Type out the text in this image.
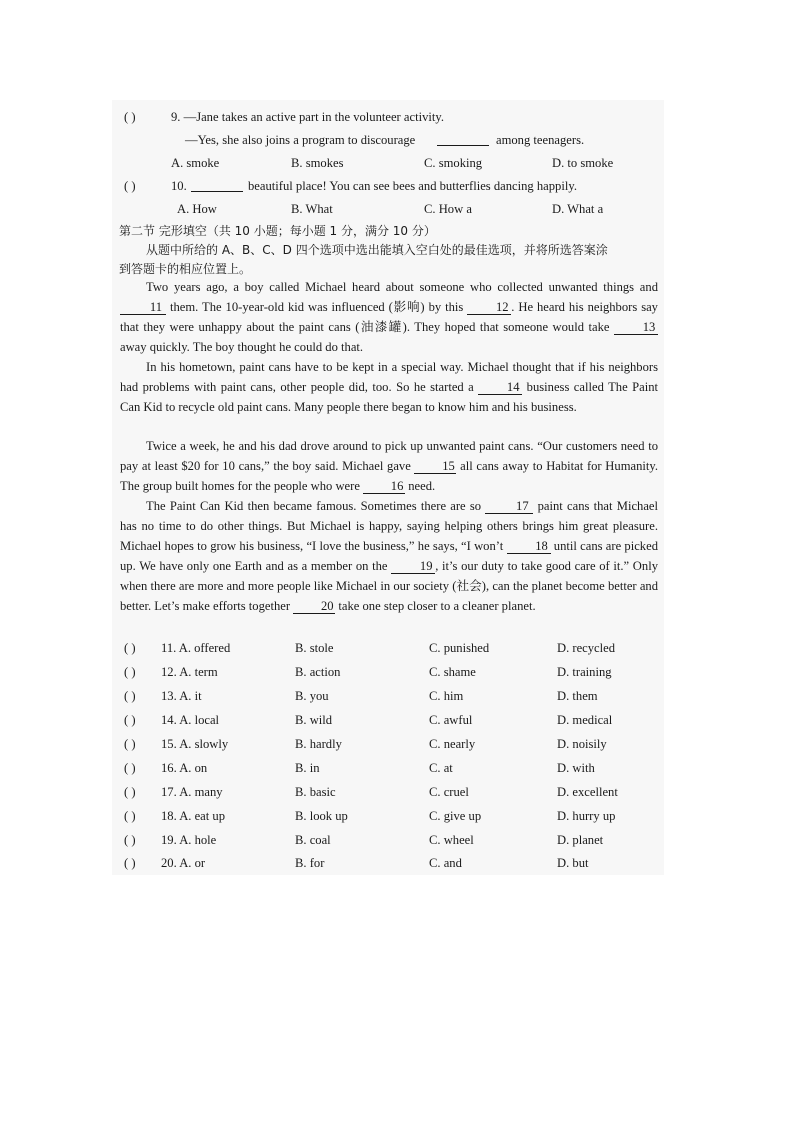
( )	9. —Jane takes an active part in the volunteer activity.
—Yes, she also joins a program to discourage	among teenagers.
A. smoke	B. smokes	C. smoking	D. to smoke
( )	10.	beautiful place! You can see bees and butterflies dancing happily.
A. How	B. What	C. How a	D. What a
第二节 完形填空（共 10 小题；每小题 1 分，满分 10 分）
从题中所给的 A、B、C、D 四个选项中选出能填入空白处的最佳选项，并将所选答案涂
到答题卡的相应位置上。
Two years ago, a boy called Michael heard about someone who collected unwanted things and 11 them. The 10-year-old kid was influenced (影响) by this	12 . He heard his neighbors say that they were unhappy about the paint cans (油漆罐). They hoped that someone would take	13 away quickly. The boy thought he could do that.
In his hometown, paint cans have to be kept in a special way. Michael thought that if his neighbors had problems with paint cans, other people did, too. So he started a	14 business called The Paint Can Kid to recycle old paint cans. Many people there began to know him and his business.
Twice a week, he and his dad drove around to pick up unwanted paint cans. “Our customers need to pay at least $20 for 10 cans,” the boy said. Michael gave 15 all cans away to Habitat for Humanity. The group built homes for the people who were 16 need.
The Paint Can Kid then became famous. Sometimes there are so	17 paint cans that Michael has no time to do other things. But Michael is happy, saying helping others brings him great pleasure. Michael hopes to grow his business, “I love the business,” he says, “I won’t	18 until cans are picked up. We have only one Earth and as a member on the	19 , it’s our duty to take good care of it.” Only when there are more and more people like Michael in our society (社会), can the planet become better and better. Let’s make efforts together 20 take one step closer to a cleaner planet.
( ) 11. A. offered	B. stole	C. punished	D. recycled
( ) 12. A. term	B. action	C. shame	D. training
( ) 13. A. it	B. you	C. him	D. them
( ) 14. A. local	B. wild	C. awful	D. medical
( ) 15. A. slowly	B. hardly	C. nearly	D. noisily
( ) 16. A. on	B. in	C. at	D. with
( ) 17. A. many	B. basic	C. cruel	D. excellent
( ) 18. A. eat up	B. look up	C. give up	D. hurry up
( ) 19. A. hole	B. coal	C. wheel	D. planet
( ) 20. A. or	B. for	C. and	D. but
